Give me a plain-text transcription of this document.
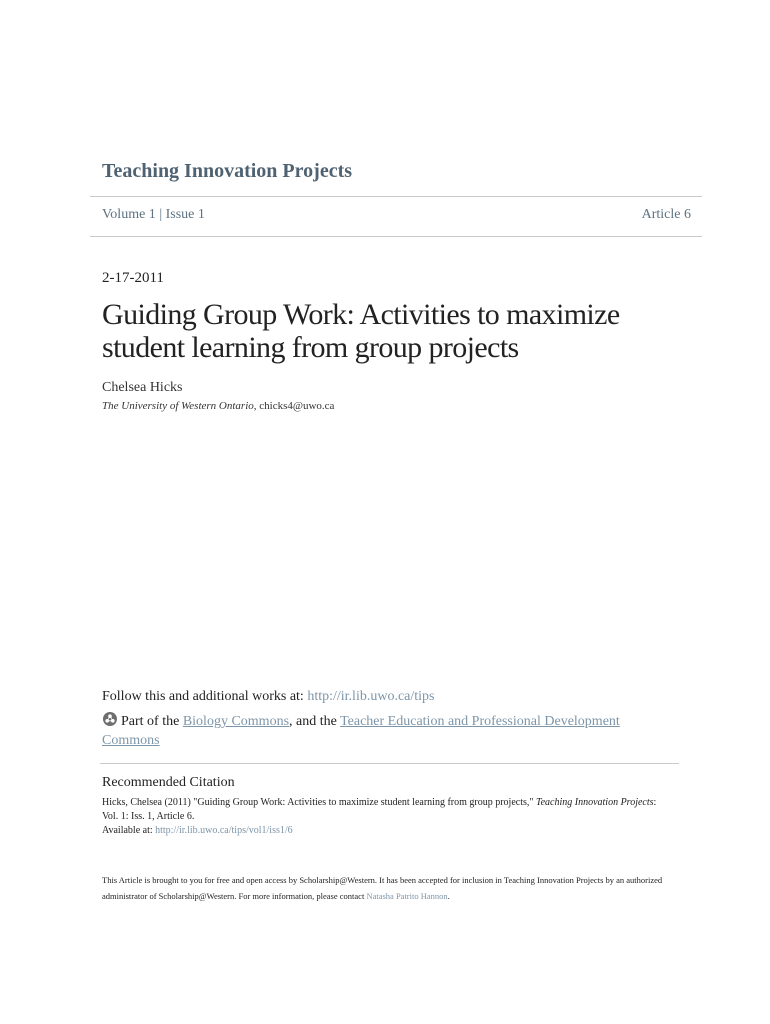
Teaching Innovation Projects
Volume 1 | Issue 1	Article 6
2-17-2011
Guiding Group Work: Activities to maximize student learning from group projects
Chelsea Hicks
The University of Western Ontario, chicks4@uwo.ca
Follow this and additional works at: http://ir.lib.uwo.ca/tips
Part of the Biology Commons, and the Teacher Education and Professional Development Commons
Recommended Citation
Hicks, Chelsea (2011) "Guiding Group Work: Activities to maximize student learning from group projects," Teaching Innovation Projects: Vol. 1: Iss. 1, Article 6.
Available at: http://ir.lib.uwo.ca/tips/vol1/iss1/6
This Article is brought to you for free and open access by Scholarship@Western. It has been accepted for inclusion in Teaching Innovation Projects by an authorized administrator of Scholarship@Western. For more information, please contact Natasha Patrito Hannon.
